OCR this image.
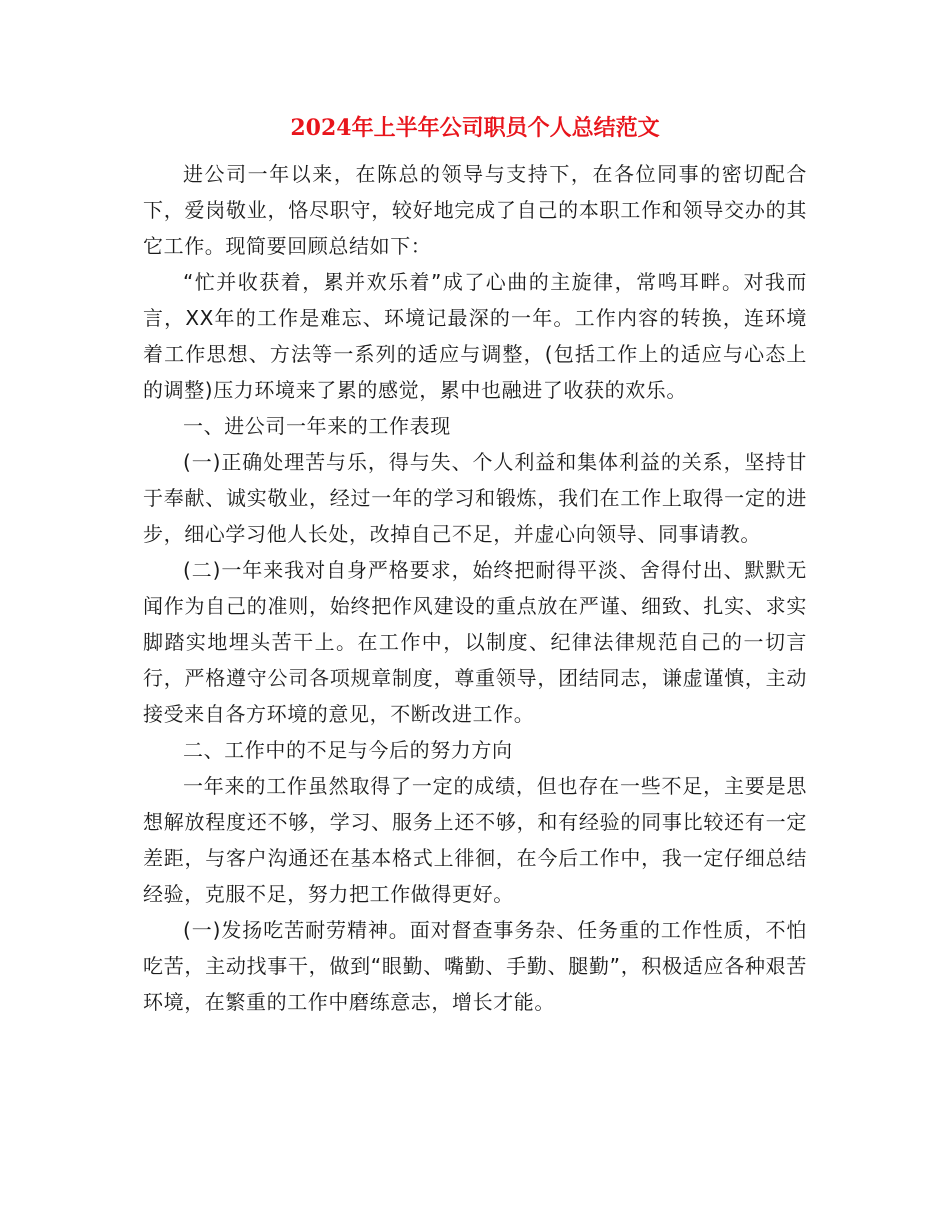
2024年上半年公司职员个人总结范文

进公司一年以来，在陈总的领导与支持下，在各位同事的密切配合下，爱岗敬业，恪尽职守，较好地完成了自己的本职工作和领导交办的其它工作。现简要回顾总结如下：

“忙并收获着，累并欢乐着”成了心曲的主旋律，常鸣耳畔。对我而言，XX年的工作是难忘、环境记最深的一年。工作内容的转换，连环境着工作思想、方法等一系列的适应与调整，(包括工作上的适应与心态上的调整)压力环境来了累的感觉，累中也融进了收获的欢乐。

一、进公司一年来的工作表现

(一)正确处理苦与乐，得与失、个人利益和集体利益的关系，坚持甘于奉献、诚实敬业，经过一年的学习和锻炼，我们在工作上取得一定的进步，细心学习他人长处，改掉自己不足，并虚心向领导、同事请教。

(二)一年来我对自身严格要求，始终把耐得平淡、舍得付出、默默无闻作为自己的准则，始终把作风建设的重点放在严谨、细致、扎实、求实脚踏实地埋头苦干上。在工作中，以制度、纪律法律规范自己的一切言行，严格遵守公司各项规章制度，尊重领导，团结同志，谦虚谨慎，主动接受来自各方环境的意见，不断改进工作。

二、工作中的不足与今后的努力方向

一年来的工作虽然取得了一定的成绩，但也存在一些不足，主要是思想解放程度还不够，学习、服务上还不够，和有经验的同事比较还有一定差距，与客户沟通还在基本格式上徘徊，在今后工作中，我一定仔细总结经验，克服不足，努力把工作做得更好。

(一)发扬吃苦耐劳精神。面对督查事务杂、任务重的工作性质，不怕吃苦，主动找事干，做到“眼勤、嘴勤、手勤、腿勤”，积极适应各种艰苦环境，在繁重的工作中磨练意志，增长才能。
